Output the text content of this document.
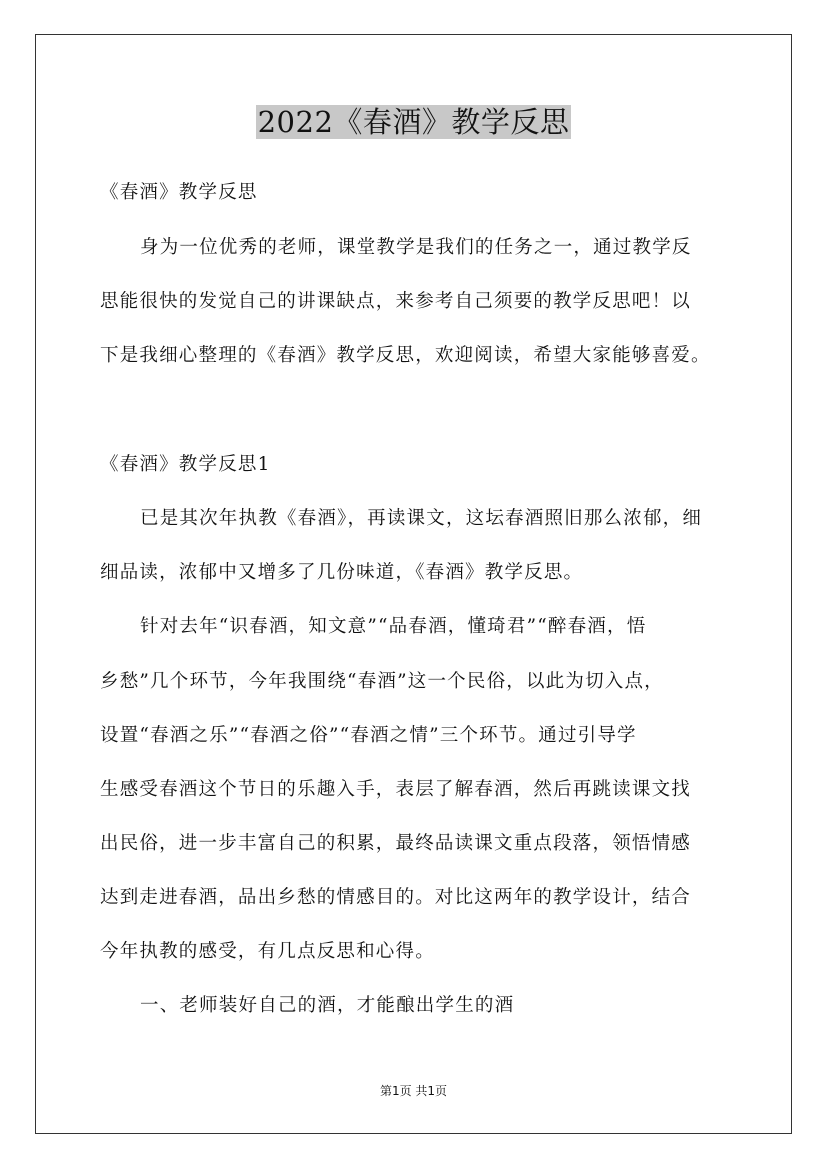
2022《春酒》教学反思
《春酒》教学反思
身为一位优秀的老师，课堂教学是我们的任务之一，通过教学反
思能很快的发觉自己的讲课缺点，来参考自己须要的教学反思吧！以
下是我细心整理的《春酒》教学反思，欢迎阅读，希望大家能够喜爱。
《春酒》教学反思1
已是其次年执教《春酒》，再读课文，这坛春酒照旧那么浓郁，细
细品读，浓郁中又增多了几份味道，《春酒》教学反思。
针对去年“识春酒，知文意”“品春酒，懂琦君”“醉春酒，悟
乡愁”几个环节，今年我围绕“春酒”这一个民俗，以此为切入点，
设置“春酒之乐”“春酒之俗”“春酒之情”三个环节。通过引导学
生感受春酒这个节日的乐趣入手，表层了解春酒，然后再跳读课文找
出民俗，进一步丰富自己的积累，最终品读课文重点段落，领悟情感
达到走进春酒，品出乡愁的情感目的。对比这两年的教学设计，结合
今年执教的感受，有几点反思和心得。
一、老师装好自己的酒，才能酿出学生的酒
第1页 共1页
